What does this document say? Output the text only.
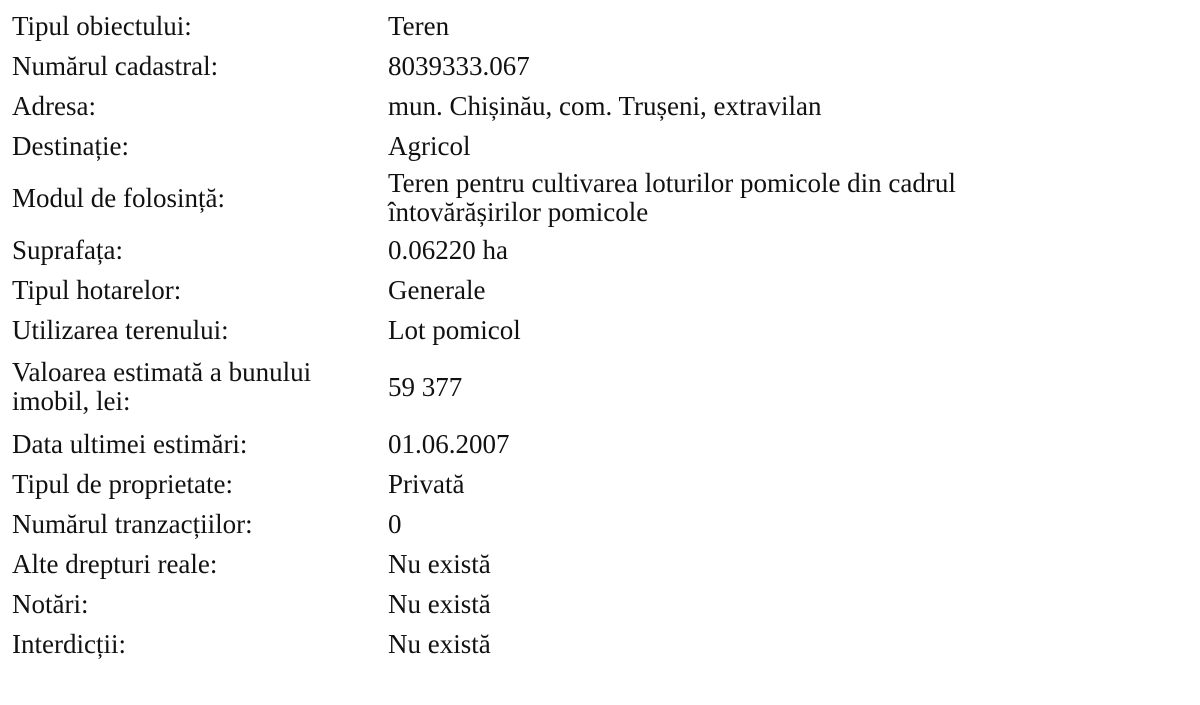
Tipul obiectului:	Teren
Numărul cadastral:	8039333.067
Adresa:	mun. Chișinău, com. Trușeni, extravilan
Destinație:	Agricol
Modul de folosință:	Teren pentru cultivarea loturilor pomicole din cadrul întovărășirilor pomicole
Suprafața:	0.06220 ha
Tipul hotarelor:	Generale
Utilizarea terenului:	Lot pomicol
Valoarea estimată a bunului imobil, lei:	59 377
Data ultimei estimări:	01.06.2007
Tipul de proprietate:	Privată
Numărul tranzacțiilor:	0
Alte drepturi reale:	Nu există
Notări:	Nu există
Interdicții:	Nu există
